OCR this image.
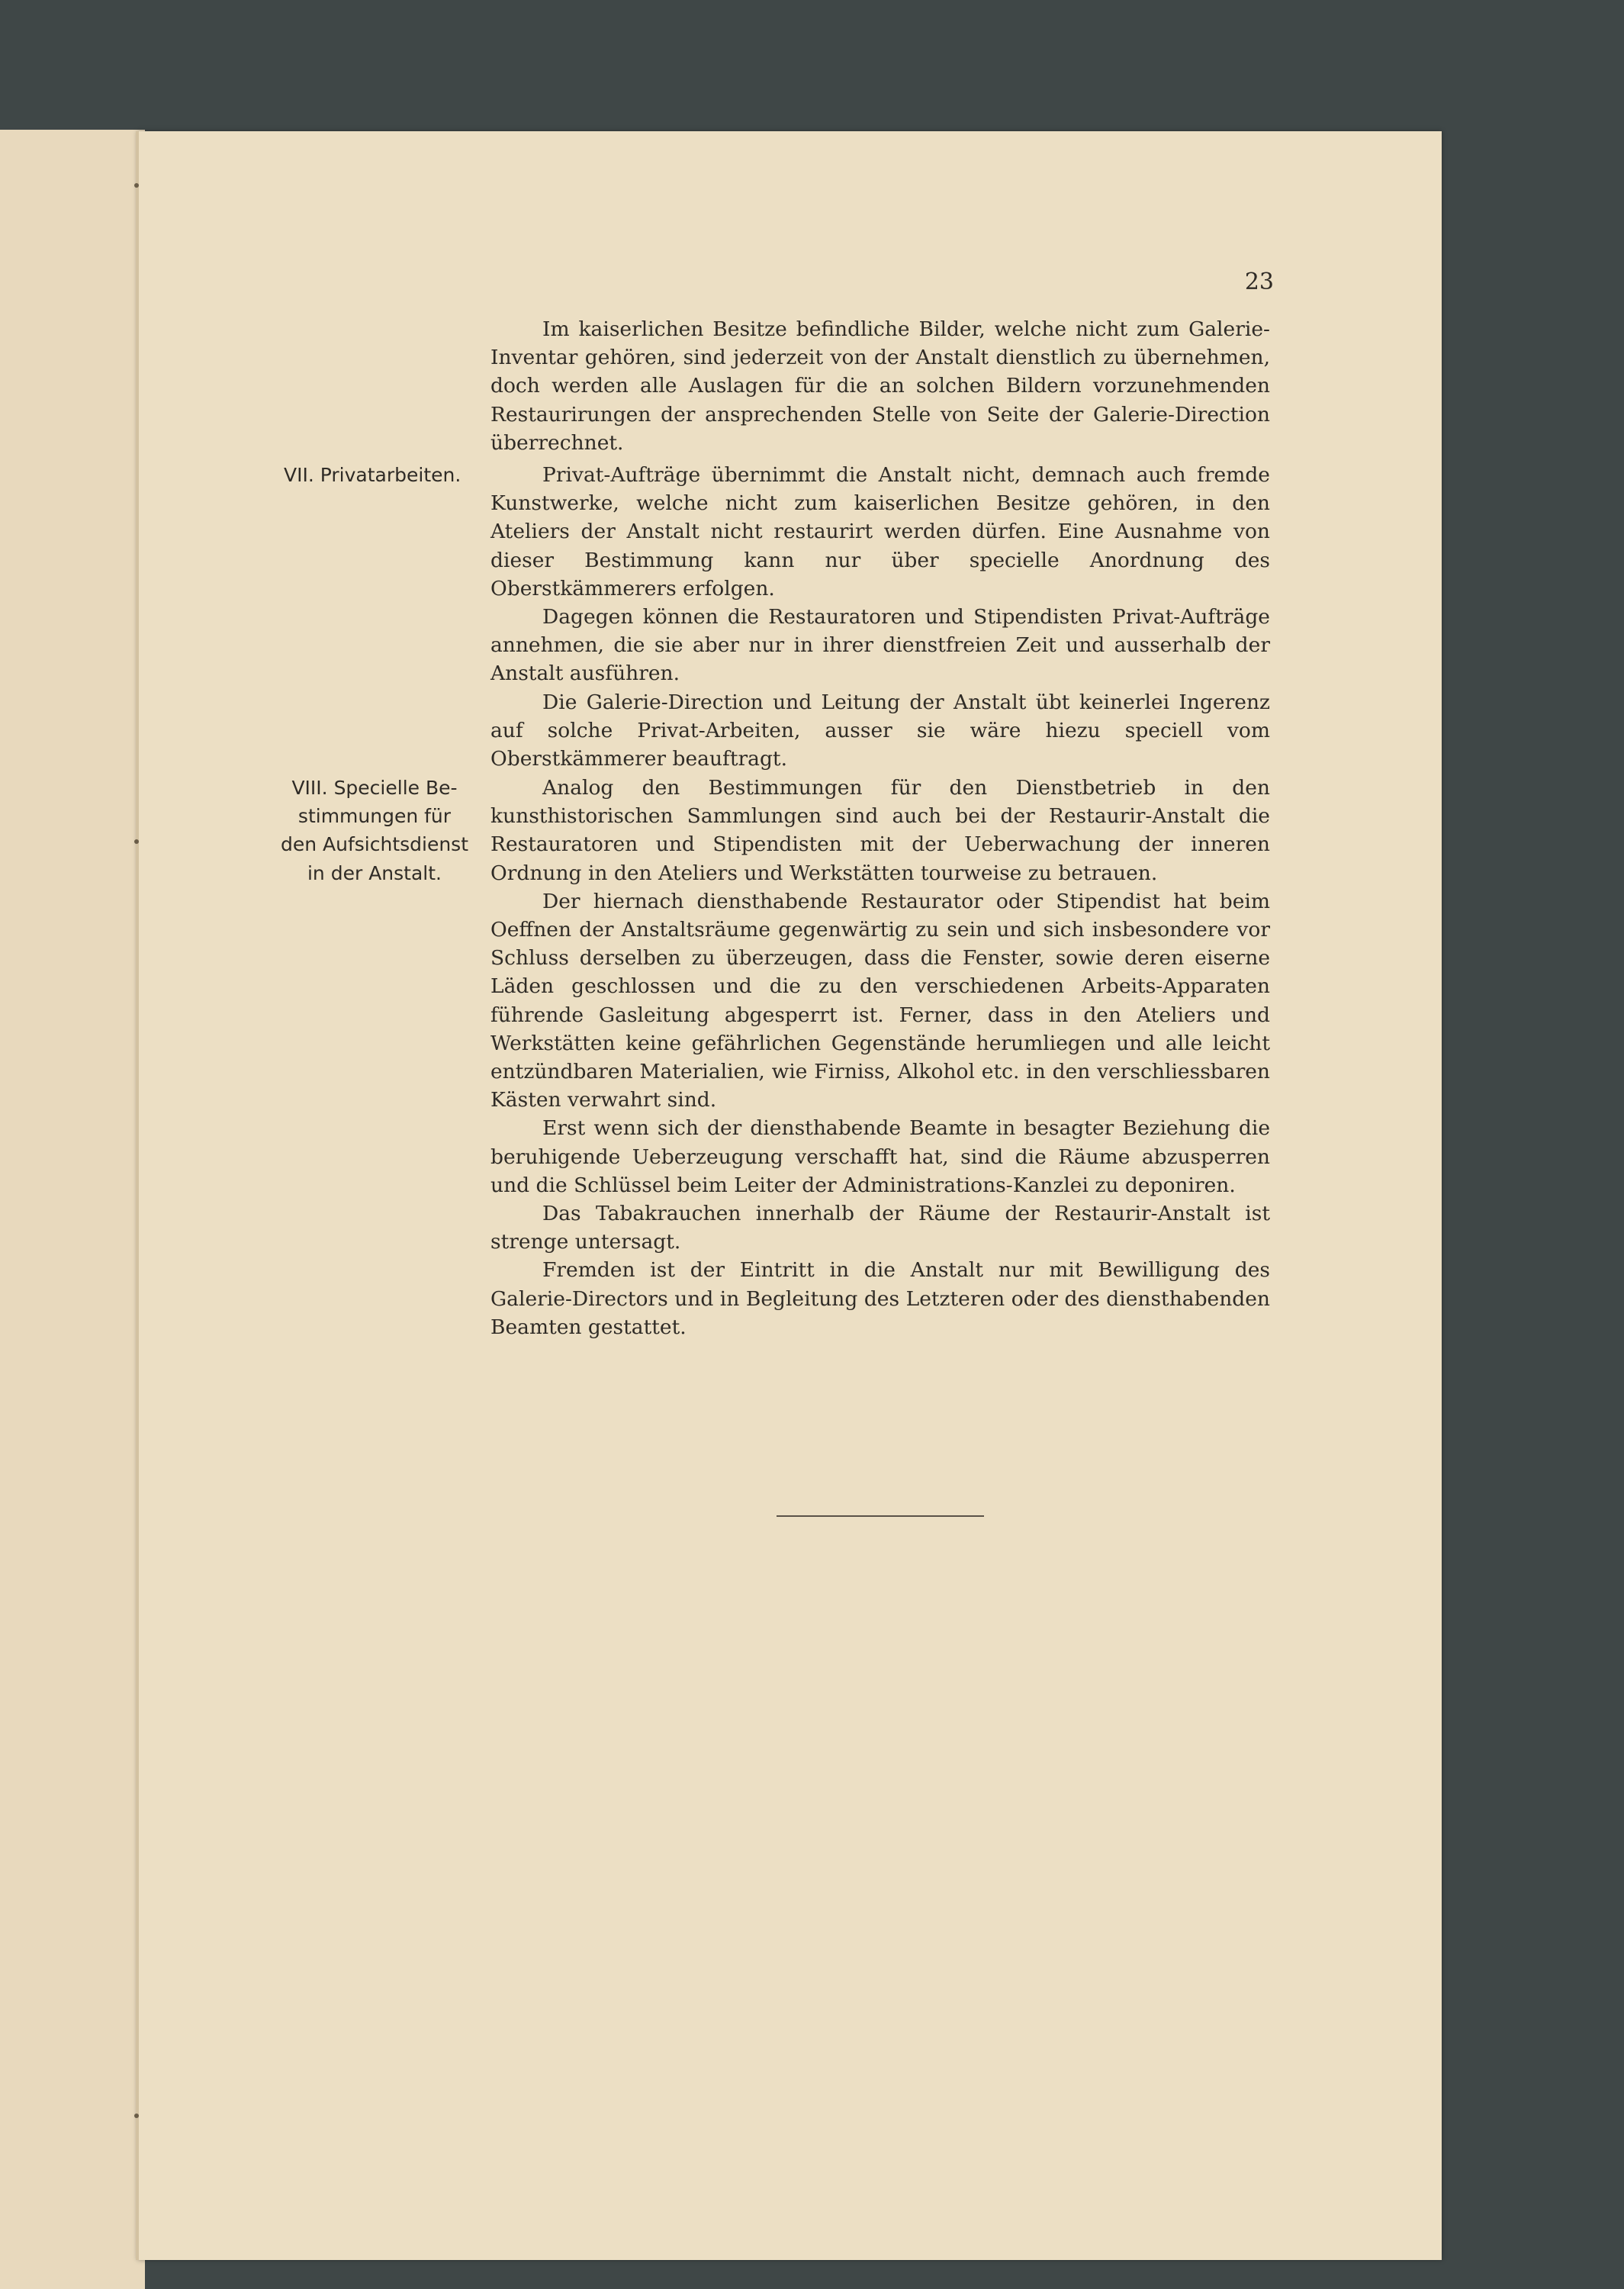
23

Im kaiserlichen Besitze befindliche Bilder, welche nicht zum Galerie-Inventar gehören, sind jederzeit von der Anstalt dienstlich zu übernehmen, doch werden alle Auslagen für die an solchen Bildern vorzunehmenden Restaurirungen der ansprechenden Stelle von Seite der Galerie-Direction überrechnet.

VII. Privatarbeiten.	Privat-Aufträge übernimmt die Anstalt nicht, demnach auch fremde Kunstwerke, welche nicht zum kaiserlichen Besitze gehören, in den Ateliers der Anstalt nicht restaurirt werden dürfen. Eine Ausnahme von dieser Bestimmung kann nur über specielle Anordnung des Oberstkämmerers erfolgen.

Dagegen können die Restauratoren und Stipendisten Privat-Aufträge annehmen, die sie aber nur in ihrer dienstfreien Zeit und ausserhalb der Anstalt ausführen.

Die Galerie-Direction und Leitung der Anstalt übt keinerlei Ingerenz auf solche Privat-Arbeiten, ausser sie wäre hiezu speciell vom Oberstkämmerer beauftragt.

VIII. Specielle Be-
stimmungen für
den Aufsichtsdienst
in der Anstalt.

Analog den Bestimmungen für den Dienstbetrieb in den kunsthistorischen Sammlungen sind auch bei der Restaurir-Anstalt die Restauratoren und Stipendisten mit der Ueberwachung der inneren Ordnung in den Ateliers und Werkstätten tourweise zu betrauen.

Der hiernach diensthabende Restaurator oder Stipendist hat beim Oeffnen der Anstaltsräume gegenwärtig zu sein und sich insbesondere vor Schluss derselben zu überzeugen, dass die Fenster, sowie deren eiserne Läden geschlossen und die zu den verschiedenen Arbeits-Apparaten führende Gasleitung abgesperrt ist. Ferner, dass in den Ateliers und Werkstätten keine gefährlichen Gegenstände herumliegen und alle leicht entzündbaren Materialien, wie Firniss, Alkohol etc. in den verschliessbaren Kästen verwahrt sind.

Erst wenn sich der diensthabende Beamte in besagter Beziehung die beruhigende Ueberzeugung verschafft hat, sind die Räume abzusperren und die Schlüssel beim Leiter der Administrations-Kanzlei zu deponiren.

Das Tabakrauchen innerhalb der Räume der Restaurir-Anstalt ist strenge untersagt.

Fremden ist der Eintritt in die Anstalt nur mit Bewilligung des Galerie-Directors und in Begleitung des Letzteren oder des diensthabenden Beamten gestattet.
